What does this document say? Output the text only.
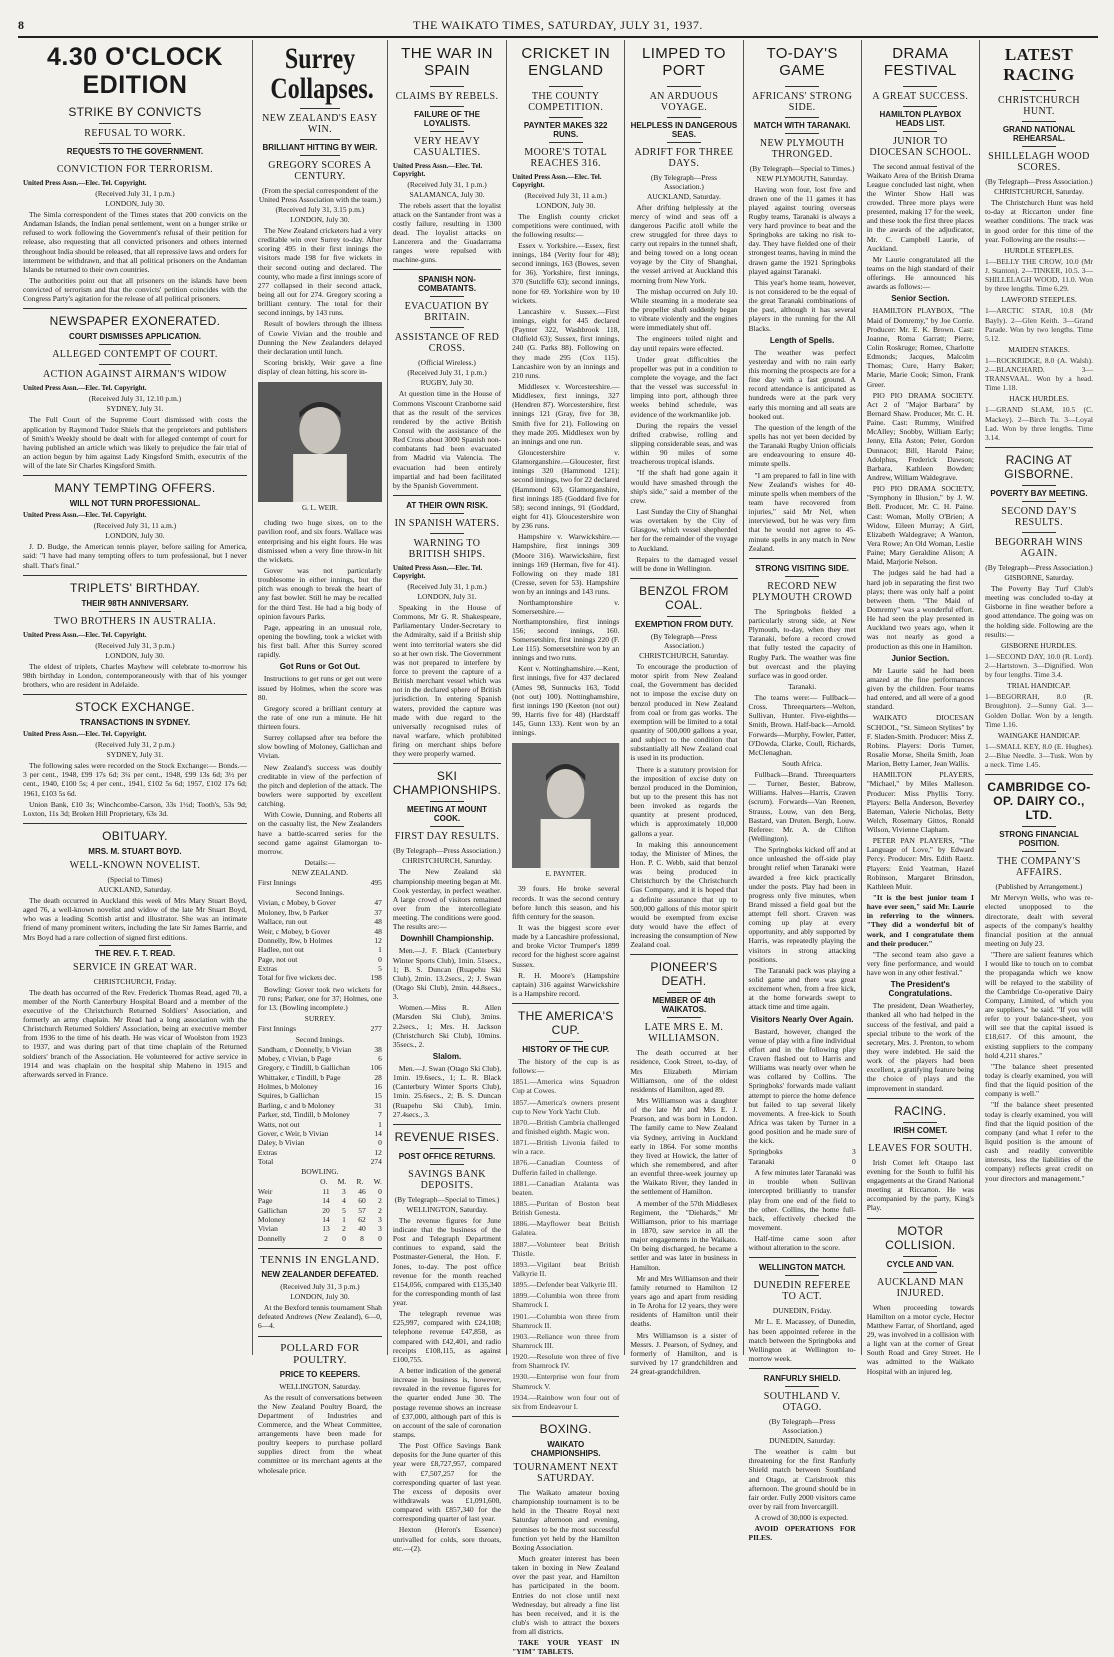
8	THE WAIKATO TIMES, SATURDAY, JULY 31, 1937.
4.30 O'CLOCK EDITION
STRIKE BY CONVICTS
REFUSAL TO WORK.
REQUESTS TO THE GOVERNMENT.
CONVICTION FOR TERRORISM.
United Press Assn.—Elec. Tel. Copyright.
(Received July 31, 1 p.m.)
LONDON, July 30.

The Simla correspondent of the Times states that 200 convicts on the Andaman Islands, the Indian penal settlement, went on a hunger strike or refused to work following the Government's refusal of their petition for release, also requesting that all convicted prisoners and others interned throughout India should be released, that all repressive laws and orders for internment be withdrawn, and that all political prisoners on the Andaman Islands be returned to their own countries.

The authorities point out that all prisoners on the islands have been convicted of terrorism and that the convicts' petition coincides with the Congress Party's agitation for the release of all political prisoners.

NEWSPAPER EXONERATED.
COURT DISMISSES APPLICATION.
ALLEGED CONTEMPT OF COURT.
ACTION AGAINST AIRMAN'S WIDOW
United Press Assn.—Elec. Tel. Copyright.
(Received July 31, 12.10 p.m.)
SYDNEY, July 31.

The Full Court of the Supreme Court dismissed with costs the application by Raymond Tudor Shiels that the proprietors and publishers of Smith's Weekly should be dealt with for alleged contempt of court for having published an article which was likely to prejudice the fair trial of an action begun by him against Lady Kingsford Smith, executrix of the will of the late Sir Charles Kingsford Smith.

MANY TEMPTING OFFERS.
WILL NOT TURN PROFESSIONAL.
United Press Assn.—Elec. Tel. Copyright.
(Received July 31, 11 a.m.)
LONDON, July 30.

J. D. Budge, the American tennis player, before sailing for America, said: "I have had many tempting offers to turn professional, but I never shall. That's final."

TRIPLETS' BIRTHDAY.
THEIR 98TH ANNIVERSARY.
TWO BROTHERS IN AUSTRALIA.
United Press Assn.—Elec. Tel. Copyright.
(Received July 31, 3 p.m.)
LONDON, July 30.

The eldest of triplets, Charles Mayhew will celebrate to-morrow his 98th birthday in London, contemporaneously with that of his younger brothers, who are resident in Adelaide.

STOCK EXCHANGE.
TRANSACTIONS IN SYDNEY.
United Press Assn.—Elec. Tel. Copyright.
(Received July 31, 2 p.m.)
SYDNEY, July 31.

The following sales were recorded on the Stock Exchange:— Bonds.—3 per cent., 1948, £99 17s 6d; 3¼ per cent., 1948, £99 13s 6d; 3½ per cent., 1940, £100 5s; 4 per cent., 1941, £102 5s 6d; 1957, £102 17s 6d; 1961, £103 5s 6d.

Union Bank, £10 3s; Winchcombe-Carson, 33s 1½d; Tooth's, 53s 9d; Loxton, 11s 3d; Broken Hill Proprietary, 63s 3d.

OBITUARY.
MRS. M. STUART BOYD.
WELL-KNOWN NOVELIST.
(Special to Times)
AUCKLAND, Saturday.

The death occurred in Auckland this week of Mrs Mary Stuart Boyd, aged 76, a well-known novelist and widow of the late Mr Stuart Boyd, who was a leading Scottish artist and illustrator. She was an intimate friend of many prominent writers, including the late Sir James Barrie, and Mrs Boyd had a rare collection of signed first editions.

THE REV. F. T. READ.
SERVICE IN GREAT WAR.
CHRISTCHURCH, Friday.

The death has occurred of the Rev. Frederick Thomas Read, aged 70, a member of the North Canterbury Hospital Board and a member of the executive of the Christchurch Returned Soldiers' Association, and formerly an army chaplain. Mr Read had a long association with the Christchurch Returned Soldiers' Association, being an executive member from 1936 to the time of his death. He was vicar of Woolston from 1923 to 1937, and was during part of that time chaplain of the Returned soldiers' branch of the Association. He volunteered for active service in 1914 and was chaplain on the hospital ship Maheno in 1915 and afterwards served in France.

Surrey Collapses.
NEW ZEALAND'S EASY WIN.
BRILLIANT HITTING BY WEIR.
GREGORY SCORES A CENTURY.
(From the special correspondent of the United Press Association with the team.)
(Received July 31, 3.15 p.m.)
LONDON, July 30.

The New Zealand cricketers had a very creditable win over Surrey to-day. After scoring 495 in their first innings the visitors made 198 for five wickets in their second outing and declared. The county, who made a first innings score of 277 collapsed in their second attack, being all out for 274. Gregory scoring a brilliant century. The total for their second innings, by 143 runs.

Result of bowlers through the illness of Cowie Vivian and the trouble and Dunning the New Zealanders delayed their declaration until lunch.

Scoring briskly, Weir gave a fine display of clean hitting, his score in-

G. L. WEIR.

cluding two huge sixes, on to the pavilion roof, and six fours. Wallace was enterprising and his eight fours. He was dismissed when a very fine throw-in hit the wickets.

Gover was not particularly troublesome in either innings, but the pitch was enough to break the heart of any fast bowler. Still he may be recalled for the third Test. He had a big body of opinion favours Parks.

Page, appearing in an unusual role, opening the bowling, took a wicket with his first ball. After this Surrey scored rapidly.

Got Runs or Got Out.

Instructions to get runs or get out were issued by Holmes, when the score was 80.

Gregory scored a brilliant century at the rate of one run a minute. He hit thirteen fours.

Surrey collapsed after tea before the slow bowling of Moloney, Gallichan and Vivian.

New Zealand's success was doubly creditable in view of the perfection of the pitch and depletion of the attack. The bowlers were supported by excellent catching.

With Cowie, Dunning, and Roberts all on the casualty list, the New Zealanders have a battle-scarred series for the second game against Glamorgan to-morrow.

Details:—
NEW ZEALAND.
First Innings	495
Second Innings.
Vivian, c Mobey, b Gover	47
Moloney, Ibw, b Parker	37
Wallace, run out	48
Weir, c Mobey, b Gover	48
Donnelly, lbw, b Holmes	12
Hadlee, not out	1
Page, not out	0
Extras	5
Total for five wickets dec.	198

Bowling: Gover took two wickets for 70 runs; Parker, one for 37; Holmes, one for 13. (Bowling incomplete.)

SURREY.
First Innings	277
Second Innings.
Sandham, c Donnelly, b Vivian	38
Mobey, c Vivian, b Page	6
Gregory, c Tindill, b Gallichan	106
Whittaker, c Tindill, b Page	28
Holmes, b Moloney	16
Squires, b Gallichan	15
Barling, c and b Moloney	31
Parker, std, Tindill, b Moloney	7
Watts, not out	1
Gover, c Weir, b Vivian	14
Daley, b Vivian	0
Extras	12
Total	274
BOWLING.
O. M. R. W.
Weir	11 3 46 0
Page	14 4 60 2
Gallichan	20 5 57 2
Moloney	14 1 62 3
Vivian	13 2 40 3
Donnelly	2 0 8 0
TENNIS IN ENGLAND.
NEW ZEALANDER DEFEATED.
(Received July 31, 3 p.m.)
LONDON, July 30.

At the Bexford tennis tournament Shah defeated Andrews (New Zealand), 6—0, 6—4.

POLLARD FOR POULTRY.
PRICE TO KEEPERS.
WELLINGTON, Saturday.

As the result of conversations between the New Zealand Poultry Board, the Department of Industries and Commerce, and the Wheat Committee, arrangements have been made for poultry keepers to purchase pollard supplies direct from the wheat committee or its merchant agents at the wholesale price.

THE WAR IN SPAIN
CLAIMS BY REBELS.
FAILURE OF THE LOYALISTS.
VERY HEAVY CASUALTIES.
United Press Assn.—Elec. Tel. Copyright.
(Received July 31, 1 p.m.)
SALAMANCA, July 30.

The rebels assert that the loyalist attack on the Santander front was a costly failure, resulting in 1300 dead. The loyalist attacks on Lancerera and the Guadarrama ranges were repulsed with machine-guns.

SPANISH NON-COMBATANTS.
EVACUATION BY BRITAIN.
ASSISTANCE OF RED CROSS.
(Official Wireless.)
(Received July 31, 1 p.m.)
RUGBY, July 30.

At question time in the House of Commons Viscount Cranborne said that as the result of the services rendered by the active British Consul with the assistance of the Red Cross about 3000 Spanish non-combatants had been evacuated from Madrid via Valencia. The evacuation had been entirely impartial and had been facilitated by the Spanish Government.

AT THEIR OWN RISK.
IN SPANISH WATERS.
WARNING TO BRITISH SHIPS.
United Press Assn.—Elec. Tel. Copyright.
(Received July 31, 1 p.m.)
LONDON, July 31.

Speaking in the House of Commons, Mr G. R. Shakespeare, Parliamentary Under-Secretary to the Admiralty, said if a British ship went into territorial waters she did so at her own risk. The Government was not prepared to interfere by force to prevent the capture of a British merchant vessel which was not in the declared sphere of British jurisdiction. In entering Spanish waters, provided the capture was made with due regard to the universally recognised rules of naval warfare, which prohibited firing on merchant ships before they were properly warned.

SKI CHAMPIONSHIPS.
MEETING AT MOUNT COOK.
FIRST DAY RESULTS.
(By Telegraph—Press Association.)
CHRISTCHURCH, Saturday.

The New Zealand ski championship meeting began at Mt. Cook yesterday, in perfect weather. A large crowd of visitors remained over from the intercollegiate meeting. The conditions were good. The results are:—

Downhill Championship.

Men.—J. F. Black (Canterbury Winter Sports Club), 1min. 51secs., 1; B. S. Duncan (Ruapehu Ski Club), 2min. 13.2secs., 2; J. Swan (Otago Ski Club), 2min. 44.8secs., 3.

Women.—Miss R. Allen (Marsden Ski Club), 3mins. 2.2secs., 1; Mrs. H. Jackson (Christchurch Ski Club), 10mins. 35secs., 2.

Slalom.

Men.—J. Swan (Otago Ski Club), 1min. 19.6secs., 1; L. R. Black (Canterbury Winter Sports Club), 1min. 25.6secs., 2; B. S. Duncan (Ruapehu Ski Club), 1min. 27.4secs., 3.

REVENUE RISES.
POST OFFICE RETURNS.
SAVINGS BANK DEPOSITS.
(By Telegraph—Special to Times.)
WELLINGTON, Saturday.

The revenue figures for June indicate that the business of the Post and Telegraph Department continues to expand, said the Postmaster-General, the Hon. F. Jones, to-day. The post office revenue for the month reached £154,056, compared with £135,340 for the corresponding month of last year.

The telegraph revenue was £25,997, compared with £24,108; telephone revenue £47,858, as compared with £42,401, and radio receipts £108,115, as against £100,755.

A better indication of the general increase in business is, however, revealed in the revenue figures for the quarter ended June 30. The postage revenue shows an increase of £37,000, although part of this is on account of the sale of coronation stamps.

The Post Office Savings Bank deposits for the June quarter of this year were £8,727,957, compared with £7,507,257 for the corresponding quarter of last year. The excess of deposits over withdrawals was £1,091,600, compared with £857,340 for the corresponding quarter of last year.

Hexton (Heron's Essence) unrivalled for colds, sore throats, etc.—(2).

CRICKET IN ENGLAND
THE COUNTY COMPETITION.
PAYNTER MAKES 322 RUNS.
MOORE'S TOTAL REACHES 316.
United Press Assn.—Elec. Tel. Copyright.
(Received July 31, 11 a.m.)
LONDON, July 30.

The English county cricket competitions were continued, with the following results:—

Essex v. Yorkshire.—Essex, first innings, 184 (Verity four for 48); second innings, 163 (Bowes, seven for 36). Yorkshire, first innings, 370 (Sutcliffe 63); second innings, none for 69. Yorkshire won by 10 wickets.

Lancashire v. Sussex.—First innings, eight for 445 declared (Paynter 322, Washbrook 118, Oldfield 63); Sussex, first innings, 240 (G. Parks 88). Following on they made 295 (Cox 115). Lancashire won by an innings and 210 runs.

Middlesex v. Worcestershire.—Middlesex, first innings, 327 (Hendren 87). Worcestershire, first innings 121 (Gray, five for 38, Smith five for 21). Following on they made 205. Middlesex won by an innings and one run.

Gloucestershire v. Glamorganshire.—Gloucester, first innings 320 (Hammond 121); second innings, two for 22 declared (Hammond 63). Glamorganshire, first innings 185 (Goddard five for 58); second innings, 91 (Goddard, eight for 41). Gloucestershire won by 236 runs.

Hampshire v. Warwickshire.—Hampshire, first innings 309 (Moore 316). Warwickshire, first innings 169 (Herman, five for 41). Following on they made 181 (Cresse, seven for 53). Hampshire won by an innings and 143 runs.

Northamptonshire v. Somersetshire.—Northamptonshire, first innings 156; second innings, 160. Somersetshire, first innings 220 (F. Lee 115). Somersetshire won by an innings and two runs.

Kent v. Nottinghamshire.—Kent, first innings, five for 437 declared (Ames 98, Sunnucks 163, Todd (not out) 100). Nottinghamshire, first innings 190 (Keeton (not out) 99, Harris five for 48) (Hardstaff 145, Gunn 133). Kent won by an innings.

E. PAYNTER.

39 fours. He broke several records. It was the second century before lunch this season, and his fifth century for the season.

It was the biggest score ever made by a Lancashire professional, and broke Victor Trumper's 1899 record for the highest score against Sussex.

R. H. Moore's (Hampshire captain) 316 against Warwickshire is a Hampshire record.

THE AMERICA'S CUP.
HISTORY OF THE CUP.

The history of the cup is as follows:—

1851.—America wins Squadron Cup at Cowes.

1857.—America's owners present cup to New York Yacht Club.

1870.—British Cambria challenged and finished eighth. Magic won.

1871.—British Livonia failed to win a race.

1876.—Canadian Countess of Dufferin failed in challenge.

1881.—Canadian Atalanta was beaten.

1885.—Puritan of Boston beat British Genesta.

1886.—Mayflower beat British Galatea.

1887.—Volunteer beat British Thistle.

1893.—Vigilant beat British Valkyrie II.

1895.—Defender beat Valkyrie III.

1899.—Columbia won three from Shamrock I.

1901.—Columbia won three from Shamrock II.

1903.—Reliance won three from Shamrock III.

1920.—Resolute won three of five from Shamrock IV.

1930.—Enterprise won four from Shamrock V.

1934.—Rainbow won four out of six from Endeavour I.

BOXING.
WAIKATO CHAMPIONSHIPS.
TOURNAMENT NEXT SATURDAY.

The Waikato amateur boxing championship tournament is to be held in the Theatre Royal next Saturday afternoon and evening, promises to be the most successful function yet held by the Hamilton Boxing Association.

Much greater interest has been taken in boxing in New Zealand over the past year, and Hamilton has participated in the boom. Entries do not close until next Wednesday, but already a fine list has been received, and it is the club's wish to attract the boxers from all districts.

TAKE YOUR YEAST IN "YIM" TABLETS.

LIMPED TO PORT
AN ARDUOUS VOYAGE.
HELPLESS IN DANGEROUS SEAS.
ADRIFT FOR THREE DAYS.
(By Telegraph—Press Association.)
AUCKLAND, Saturday.

After drifting helplessly at the mercy of wind and seas off a dangerous Pacific atoll while the crew struggled for three days to carry out repairs in the tunnel shaft, and being towed on a long ocean voyage by the City of Shanghai, the vessel arrived at Auckland this morning from New York.

The mishap occurred on July 10. While steaming in a moderate sea the propeller shaft suddenly began to vibrate violently and the engines were immediately shut off.

The engineers toiled night and day until repairs were effected.

Under great difficulties the propeller was put in a condition to complete the voyage, and the fact that the vessel was successful in limping into port, although three weeks behind schedule, was evidence of the workmanlike job.

During the repairs the vessel drifted crabwise, rolling and slipping considerable seas, and was within 90 miles of some treacherous tropical islands.

"If the shaft had gone again it would have smashed through the ship's side," said a member of the crew.

Last Sunday the City of Shanghai was overtaken by the City of Glasgow, which vessel shepherded her for the remainder of the voyage to Auckland.

Repairs to the damaged vessel will be done in Wellington.

BENZOL FROM COAL.
EXEMPTION FROM DUTY.
(By Telegraph—Press Association.)
CHRISTCHURCH, Saturday.

To encourage the production of motor spirit from New Zealand coal, the Government has decided not to impose the excise duty on benzol produced in New Zealand from coal or from gas works. The exemption will be limited to a total quantity of 500,000 gallons a year, and subject to the condition that substantially all New Zealand coal is used in its production.

There is a statutory provision for the imposition of excise duty on benzol produced in the Dominion, but up to the present this has not been invoked as regards the quantity at present produced, which is approximately 10,000 gallons a year.

In making this announcement today, the Minister of Mines, the Hon. P. C. Webb, said that benzol was being produced in Christchurch by the Christchurch Gas Company, and it is hoped that a definite assurance that up to 500,000 gallons of this motor spirit would be exempted from excise duty would have the effect of increasing the consumption of New Zealand coal.

PIONEER'S DEATH.
MEMBER OF 4th WAIKATOS.
LATE MRS E. M. WILLIAMSON.

The death occurred at her residence, Cook Street, to-day, of Mrs Elizabeth Mirriam Williamson, one of the oldest residents of Hamilton, aged 89.

Mrs Williamson was a daughter of the late Mr and Mrs E. J. Pearson, and was born in London. The family came to New Zealand via Sydney, arriving in Auckland early in 1864. For some months they lived at Howick, the latter of which she remembered, and after an eventful three-week journey up the Waikato River, they landed in the settlement of Hamilton.

A member of the 57th Middlesex Regiment, the "Diehards," Mr Williamson, prior to his marriage in 1870, saw service in all the major engagements in the Waikato. On being discharged, he became a settler and was later in business in Hamilton.

Mr and Mrs Williamson and their family returned to Hamilton 12 years ago and apart from residing in Te Aroha for 12 years, they were residents of Hamilton until their deaths.

Mrs Williamson is a sister of Messrs. J. Pearson, of Sydney, and formerly of Hamilton, and is survived by 17 grandchildren and 24 great-grandchildren.

TO-DAY'S GAME
AFRICANS' STRONG SIDE.
MATCH WITH TARANAKI.
NEW PLYMOUTH THRONGED.
(By Telegraph—Special to Times.)
NEW PLYMOUTH, Saturday.

Having won four, lost five and drawn one of the 11 games it has played against touring overseas Rugby teams, Taranaki is always a very hard province to beat and the Springboks are taking no risk to-day. They have fielded one of their strongest teams, having in mind the drawn game the 1921 Springboks played against Taranaki.

This year's home team, however, is not considered to be the equal of the great Taranaki combinations of the past, although it has several players in the running for the All Blacks.

Length of Spells.

The weather was perfect yesterday and with no rain early this morning the prospects are for a fine day with a fast ground. A record attendance is anticipated as hundreds were at the park very early this morning and all seats are booked out.

The question of the length of the spells has not yet been decided by the Taranaki Rugby Union officials are endeavouring to ensure 40-minute spells.

"I am prepared to fall in line with New Zealand's wishes for 40-minute spells when members of the team have recovered from injuries," said Mr Nel, when interviewed, but he was very firm that he would not agree to 45-minute spells in any match in New Zealand.

STRONG VISITING SIDE.
RECORD NEW PLYMOUTH CROWD

The Springboks fielded a particularly strong side, at New Plymouth, to-day, when they met Taranaki, before a record crowd that fully tested the capacity of Rugby Park. The weather was fine but overcast and the playing surface was in good order.

Taranaki.

The teams were:— Fullback—Cross. Threequarters—Welton, Sullivan, Hunter. Five-eighths—Smith, Brown. Half-back—Arnold. Forwards—Murphy, Fowler, Patter, O'Dowda, Clarke, Coull, Richards, McClenaghan.

South Africa.

Fullback—Brand. Threequarters — Turner, Bester, Babrow, Williams. Halves—Harris, Craven (scrum). Forwards—Van Reenen, Strauss, Louw, van den Berg, Bastard, van Druten. Bergh, Louw. Referee: Mr. A. de Clifton (Wellington).

The Springboks kicked off and at once unleashed the off-side play brought relief when Taranaki were awarded a free kick practically under the posts. Play had been in progress only five minutes, when Brand missed a field goal but the attempt fell short. Craven was coming up play at every opportunity, and ably supported by Harris, was repeatedly playing the visitors in strong attacking positions.

The Taranaki pack was playing a solid game and there was great excitement when, from a free kick, at the home forwards swept to attack time and time again.

Visitors Nearly Over Again.

Bastard, however, changed the venue of play with a fine individual effort and in the following play Craven flashed out to Harris and Williams was nearly over when he was collared by Collins. The Springboks' forwards made valiant attempt to pierce the home defence but failed to tap several likely movements. A free-kick to South Africa was taken by Turner in a good position and he made sure of the kick.

Springboks	3
Taranaki	0

A few minutes later Taranaki was in trouble when Sullivan intercepted brilliantly to transfer play from one end of the field to the other. Collins, the home full-back, effectively checked the movement.

Half-time came soon after without alteration to the score.

WELLINGTON MATCH.
DUNEDIN REFEREE TO ACT.
DUNEDIN, Friday.

Mr L. E. Macassey, of Dunedin, has been appointed referee in the match between the Springboks and Wellington at Wellington to-morrow week.

RANFURLY SHIELD.
SOUTHLAND V. OTAGO.
(By Telegraph—Press Association.)
DUNEDIN, Saturday.

The weather is calm but threatening for the first Ranfurly Shield match between Southland and Otago, at Carisbrook this afternoon. The ground should be in fair order. Fully 2000 visitors came over by rail from Invercargill.

A crowd of 30,000 is expected.

AVOID OPERATIONS FOR PILES.

DRAMA FESTIVAL
A GREAT SUCCESS.
HAMILTON PLAYBOX HEADS LIST.
JUNIOR TO DIOCESAN SCHOOL.

The second annual festival of the Waikato Area of the British Drama League concluded last night, when the Winter Show Hall was crowded. Three more plays were presented, making 17 for the week, and these took the first three places in the awards of the adjudicator, Mr. C. Campbell Laurie, of Auckland.

Mr Laurie congratulated all the teams on the high standard of their offerings. He announced his awards as follows:—

Senior Section.

HAMILTON PLAYBOX, "The Maid of Domremy," by Joe Corrie. Producer: Mr. E. K. Brown. Cast: Joanne, Roma Garratt; Pierre, Colin Roskruge; Romee, Charlotte Edmonds; Jacques, Malcolm Thomas; Cure, Harry Baker; Marie, Marie Cook; Simon, Frank Greer.

PIO PIO DRAMA SOCIETY. Act 2 of "Major Barbara" by Bernard Shaw. Producer, Mr. C. H. Paine. Cast: Rummy, Winifred McAlley; Snobby, William Early; Jenny, Ella Aston; Peter, Gordon Dunnacot; Bill, Harold Paine; Adolphus, Frederick Dawson; Barbara, Kathleen Bowden; Andrew, William Waldegrave.

PIO PIO DRAMA SOCIETY, "Symphony in Illusion," by J. W. Bell. Producer, Mr. C. H. Paine. Cast: Woman, Molly O'Brien; A Widow, Eileen Murray; A Girl, Elizabeth Waldegrave; A Wanton, Vera Rowe; An Old Woman, Leslie Paine; Mary Geraldine Alison; A Maid, Marjorie Nelson.

The judges said he had had a hard job in separating the first two plays; there was only half a point between them. "The Maid of Domremy" was a wonderful effort. He had seen the play presented in Auckland two years ago, when it was not nearly as good a production as this one in Hamilton.

Junior Section.

Mr Laurie said he had been amazed at the fine performances given by the children. Four teams had entered, and all were of a good standard.

WAIKATO DIOCESAN SCHOOL, "St. Simeon Stylites" by F. Sladen-Smith. Producer: Miss Z. Robins. Players: Doris Turner, Rosalie Morse, Sheila Smith, Joan Marion, Betty Lamer, Jean Wallis.

HAMILTON PLAYERS, "Michael," by Miles Malleson. Producer: Miss Phyllis Torry. Players: Bella Anderson, Beverley Bateman, Valerie Nicholas, Betty Welch, Rosemary Gittos, Ronald Wilson, Vivienne Clapham.

PETER PAN PLAYERS, "The Language of Love," by Edward Percy. Producer: Mrs. Edith Raetz. Players: Enid Yeatman, Hazel Robinson, Margaret Brinsdon, Kathleen Muir.

"It is the best junior team I have ever seen," said Mr. Laurie in referring to the winners. "They did a wonderful bit of work, and I congratulate them and their producer."

"The second team also gave a very fine performance, and would have won in any other festival."

The President's Congratulations.

The president, Dean Weatherley, thanked all who had helped in the success of the festival, and paid a special tribute to the work of the secretary, Mrs. J. Prenton, to whom they were indebted. He said the work of the players had been excellent, a gratifying feature being the choice of plays and the improvement in standard.

RACING.
IRISH COMET.
LEAVES FOR SOUTH.

Irish Comet left Otaupo last evening for the South to fulfil his engagements at the Grand National meeting at Riccarton. He was accompanied by the party, King's Play.

MOTOR COLLISION.
CYCLE AND VAN.
AUCKLAND MAN INJURED.

When proceeding towards Hamilton on a motor cycle, Hector Matthew Farrar, of Shortland, aged 29, was involved in a collision with a light van at the corner of Great South Road and Grey Street. He was admitted to the Waikato Hospital with an injured leg.

LATEST RACING
CHRISTCHURCH HUNT.
GRAND NATIONAL REHEARSAL.
SHILLELAGH WOOD SCORES.
(By Telegraph—Press Association.)
CHRISTCHURCH, Saturday.

The Christchurch Hunt was held to-day at Riccarton under fine weather conditions. The track was in good order for this time of the year. Following are the results:—

HURDLE STEEPLES.

1—BELLY THE CROW, 10.0 (Mr J. Stanton). 2—TINKER, 10.5. 3—SHILLELAGH WOOD, 11.0. Won by three lengths. Time 6.29.

LAWFORD STEEPLES.

1—ARCTIC STAR, 10.8 (Mr Bayly). 2—Glen Keith. 3—Grand Parade. Won by two lengths. Time 5.12.

MAIDEN STAKES.

1—ROCKRIDGE, 8.0 (A. Walsh). 2—BLANCHARD. 3—TRANSVAAL. Won by a head. Time 1.18.

HACK HURDLES.

1—GRAND SLAM, 10.5 (C. Mackey). 2—Birch Tu. 3—Loyal Lad. Won by three lengths. Time 3.14.

RACING AT GISBORNE.
POVERTY BAY MEETING.
SECOND DAY'S RESULTS.
BEGORRAH WINS AGAIN.
(By Telegraph—Press Association.)
GISBORNE, Saturday.

The Poverty Bay Turf Club's meeting was concluded to-day at Gisborne in fine weather before a good attendance. The going was on the holding side. Following are the results:—

GISBORNE HURDLES.

1—SECOND DAY, 10.0 (R. Lord). 2—Hartstown. 3—Dignified. Won by four lengths. Time 3.4.

TRIAL HANDICAP.

1—BEGORRAH, 8.0 (R. Broughton). 2—Sunny Gal. 3—Golden Dollar. Won by a length. Time 1.16.

WAINGAKE HANDICAP.

1—SMALL KEY, 8.0 (E. Hughes). 2—Blue Needle. 3—Tusk. Won by a neck. Time 1.45.

CAMBRIDGE CO-OP. DAIRY CO., LTD.
STRONG FINANCIAL POSITION.
THE COMPANY'S AFFAIRS.
(Published by Arrangement.)

Mr Mervyn Wells, who was re-elected unopposed to the directorate, dealt with several aspects of the company's healthy financial position at the annual meeting on July 23.

"There are salient features which I would like to touch on to combat the propaganda which we know will be relayed to the stability of the Cambridge Co-operative Dairy Company, Limited, of which you are suppliers," he said. "If you will refer to your balance-sheet, you will see that the capital issued is £18,617. Of this amount, the existing suppliers to the company hold 4,211 shares."

"The balance sheet presented today is clearly examined, you will find that the liquid position of the company is well."

"If the balance sheet presented today is clearly examined, you will find that the liquid position of the company (and what I refer to the liquid position is the amount of cash and readily convertible interests, less the liabilities of the company) reflects great credit on your directors and management."
